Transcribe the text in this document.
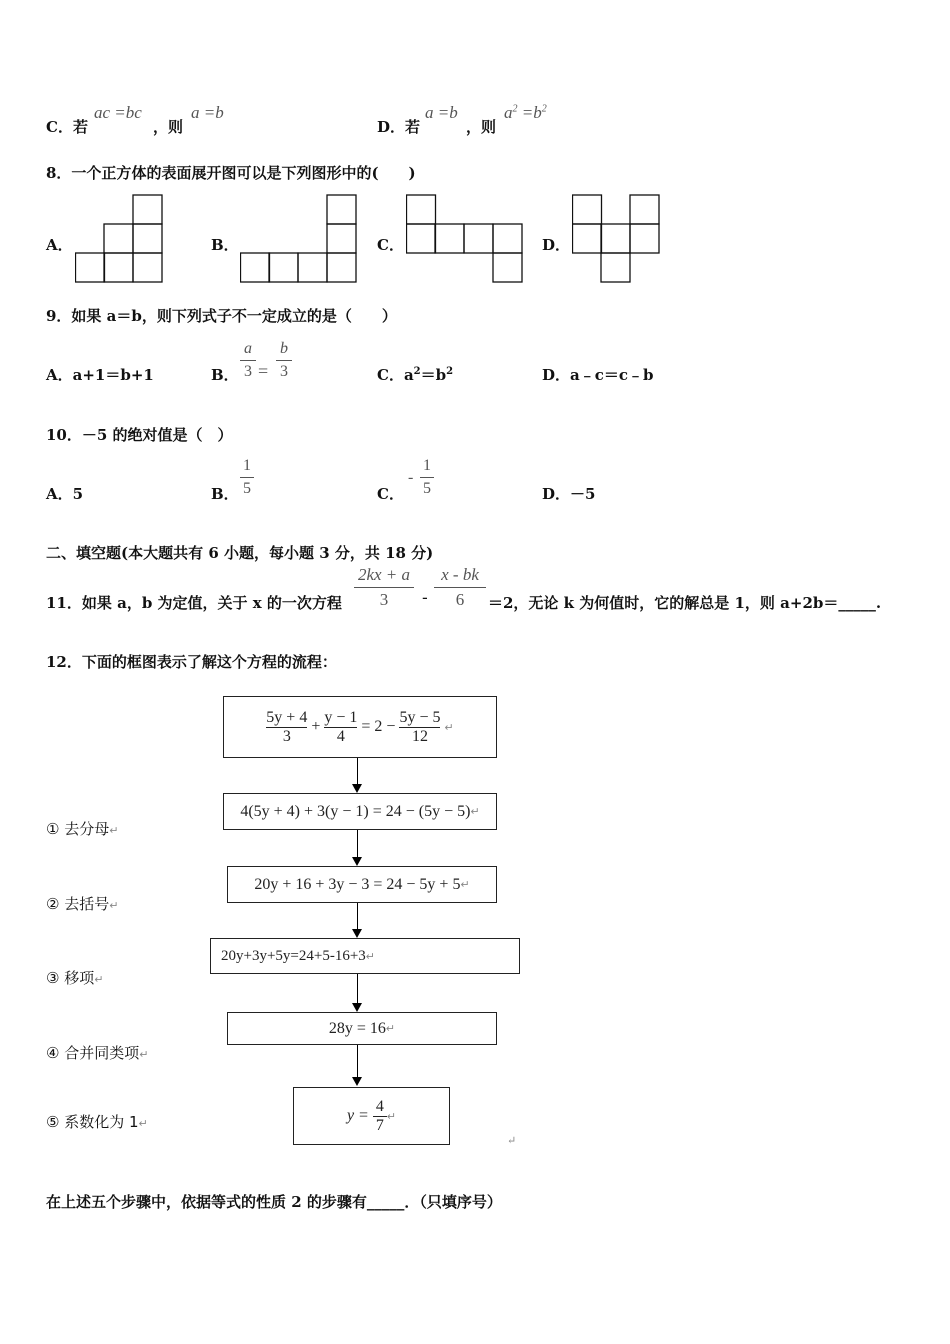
C．若
ac =bc
，则
a =b
D．若
a =b
，则
$a^2 =b^2$
8．一个正方体的表面展开图可以是下列图形中的(　　)
A．	B．	C．	D．
9．如果 a＝b，则下列式子不一定成立的是（　　）
A．a+1＝b+1	B．
a
3 =
b
3	C．$a^2=b^2$	D．a﹣c＝c﹣b
10．－5 的绝对值是（　）
A．5	B．
1
5	C．
-
1
5	D．－5
二、填空题(本大题共有 6 小题，每小题 3 分，共 18 分)
11．如果 a，b 为定值，关于 x 的一次方程
2kx + a
3	-
x - bk
6	＝2，无论 k 为何值时，它的解总是 1，则 a+2b＝_____.
12．下面的框图表示了解这个方程的流程：
5y + 4
3
+
y − 1
4
= 2 −
5y − 5
12	↵
4(5y + 4) + 3(y − 1) = 24 − (5y − 5) ↵
20y + 16 + 3y − 3 = 24 − 5y + 5 ↵
20y+3y+5y=24+5-16+3 ↵
28y = 16 ↵
y =
4
7 ↵
↵
① 去分母↵
② 去括号↵
③ 移项↵
④ 合并同类项↵
⑤ 系数化为 1↵
在上述五个步骤中，依据等式的性质 2 的步骤有_____．（只填序号）
